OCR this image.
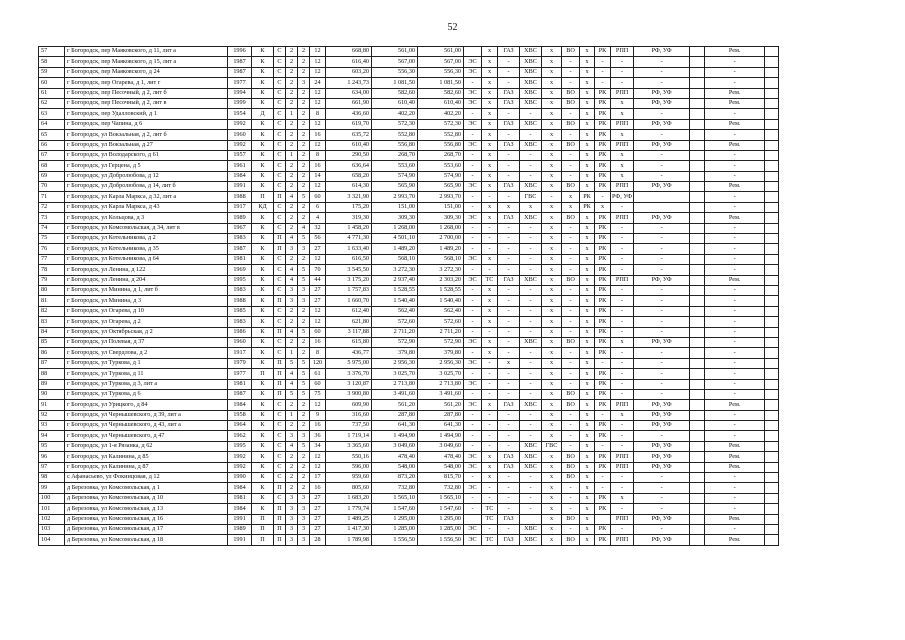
52
57	г Богородск, пер Маяковского, д 11, лит а	1996	К	С	2	2	12	668,80	561,00	561,00		х	ГАЗ	ХВС	х	ВО	х	РК	РПП	РФ, УФ		Рем.	
58	г Богородск, пер Маяковского, д 15, лит а	1987	К	С	2	2	12	616,40	567,00	567,00	ЭС	х	-	ХВС	х	-	х	-	-	-		-	
59	г Богородск, пер Маяковского, д 24	1987	К	С	2	2	12	603,20	556,30	556,30	ЭС	х	-	ХВС	х	-	х	-	-	-		-	
60	г Богородск, пер Огарева, д 1, лит г	1977	К	С	2	3	24	1 243,73	1 081,50	1 081,50	-	х	-	ХВС	х	-	х	-	-	-		-	
61	г Богородск, пер Песочный, д 2, лит б	1994	К	С	2	2	12	634,00	582,60	582,60	ЭС	х	ГАЗ	ХВС	х	ВО	х	РК	РПП	РФ, УФ		Рем.	
62	г Богородск, пер Песочный, д 2, лит в	1999	К	С	2	2	12	661,90	610,40	610,40	ЭС	х	ГАЗ	ХВС	х	ВО	х	РК	х	РФ, УФ		Рем.	
63	г Богородск, пер Удалловский, д 1	1954	Д	С	1	2	8	436,60	402,20	402,20	-	х	-	-	х	-	х	РК	х	-		-	
64	г Богородск, пер Чапина, д 6	1992	К	С	2	2	12	619,70	572,30	572,30	ЭС	х	ГАЗ	ХВС	х	ВО	х	РК	РПП	РФ, УФ		Рем.	
65	г Богородск, ул Вокзальная, д 2, лит б	1960	К	С	2	2	16	635,72	552,80	552,80	-	х	-	-	х	-	х	РК	х	-		-	
66	г Богородск, ул Вокзальная, д 27	1992	К	С	2	2	12	610,40	556,80	556,80	ЭС	х	ГАЗ	ХВС	х	ВО	х	РК	РПП	РФ, УФ		Рем.	
67	г Богородск, ул Володарского, д 61	1957	К	С	1	2	8	290,50	268,70	268,70	-	х	-	-	х	-	х	РК	х	-		-	
68	г Богородск, ул Герцена, д 5	1961	К	С	2	2	16	636,64	553,60	553,60	-	х	-	-	х	-	х	РК	х	-		-	
69	г Богородск, ул Добролюбова, д 12	1984	К	С	2	2	14	658,20	574,90	574,90	-	х	-	-	х	-	х	РК	х	-		-	
70	г Богородск, ул Добролюбова, д 14, лит б	1991	К	С	2	2	12	614,30	565,90	565,90	ЭС	х	ГАЗ	ХВС	х	ВО	х	РК	РПП	РФ, УФ		Рем.	
71	г Богородск, ул Карла Маркса, д 32, лит а	1988	П	П	4	5	60	3 321,90	2 993,70	2 993,70	-	-	-	ГВС	-	х	РК	-	РФ, УФ			-	
72	г Богородск, ул Карла Маркса, д 43	1917	КД	С	2	2	6	175,20	151,00	151,00	-	х	х	х	х	х	РК	х	-			-	
73	г Богородск, ул Кольцова, д 3	1989	К	С	2	2	4	319,30	309,30	309,30	ЭС	х	ГАЗ	ХВС	х	ВО	х	РК	РПП	РФ, УФ		Рем.	
74	г Богородск, ул Комсомольская, д 34, лит в	1967	К	С	2	4	32	1 458,20	1 268,00	1 268,00	-	-	-	-	х	-	х	РК	-	-		-	
75	г Богородск, ул Котельникова, д 2	1983	К	П	4	5	56	4 771,30	4 501,10	2 700,00	-	-	-	-	х	-	х	РК	-	-		-	
76	г Богородск, ул Котельникова, д 35	1987	К	П	3	3	27	1 633,40	1 489,20	1 489,20	-	-	-	-	х	-	х	РК	-	-		-	
77	г Богородск, ул Котельникова, д 64	1981	К	С	2	2	12	616,50	568,10	568,10	ЭС	х	-	-	х	-	х	РК	-	-		-	
78	г Богородск, ул Ленина, д 122	1969	К	С	4	5	70	3 545,50	3 272,30	3 272,30	-	-	-	-	х	-	х	РК	-	-		-	
79	г Богородск, ул Ленина, д 204	1995	К	С	4	5	44	3 175,20	2 937,40	2 303,20	ЭС	ТС	ГАЗ	ХВС	х	ВО	х	РК	РПП	РФ, УФ		Рем.	
80	г Богородск, ул Минина, д 1, лит б	1983	К	С	3	3	27	1 757,83	1 528,55	1 528,55	-	х	-	-	х	-	х	РК	-	-		-	
81	г Богородск, ул Минина, д 3	1988	К	П	3	3	27	1 660,70	1 540,40	1 540,40	-	х	-	-	х	-	х	РК	-	-		-	
82	г Богородск, ул Огарева, д 10	1985	К	С	2	2	12	612,40	562,40	562,40	-	х	-	-	х	-	х	РК	-	-		-	
83	г Богородск, ул Огарева, д 2	1983	К	С	2	2	12	621,80	572,60	572,60	-	х	-	-	х	-	х	РК	-	-		-	
84	г Богородск, ул Октябрьская, д 2	1986	К	П	4	5	60	3 117,88	2 711,20	2 711,20	-	-	-	-	х	-	х	РК	-	-		-	
85	г Богородск, ул Полевая, д 37	1960	К	С	2	2	16	615,80	572,90	572,90	ЭС	х	-	ХВС	х	ВО	х	РК	х	РФ, УФ		-	
86	г Богородск, ул Свердлова, д 2	1917	К	С	1	2	8	436,77	379,80	379,80	-	х	-	-	х	-	х	РК	-	-		-	
87	г Богородск, ул Туркова, д 1	1979	К	П	5	5	120	5 975,00	2 956,30	2 956,30	ЭС	-	х	-	х	-	х	-	-	-		-	
88	г Богородск, ул Туркова, д 11	1977	П	П	4	5	61	3 376,70	3 025,70	3 025,70	-	-	-	-	х	-	х	РК	-	-		-	
89	г Богородск, ул Туркова, д 3, лит а	1981	К	П	4	5	60	3 120,87	2 713,80	2 713,80	ЭС	-	-	-	х	-	х	РК	-	-		-	
90	г Богородск, ул Туркова, д 6	1987	К	П	5	5	75	3 900,80	3 491,60	3 491,60	-	-	-	-	х	ВО	х	РК	-	-		-	
91	г Богородск, ул Урицкого, д 84	1984	К	С	2	2	12	609,90	561,20	561,20	ЭС	х	ГАЗ	ХВС	х	ВО	х	РК	РПП	РФ, УФ		Рем.	
92	г Богородск, ул Чернышевского, д 39, лит а	1958	К	С	1	2	9	316,60	287,80	287,80	-	-	-	-	х	-	х	-	х	РФ, УФ		-	
93	г Богородск, ул Чернышевского, д 43, лит а	1964	К	С	2	2	16	737,50	641,30	641,30	-	-	-	-	х	-	х	РК	-	РФ, УФ		-	
94	г Богородск, ул Чернышевского, д 47	1962	К	С	3	3	36	1 719,14	1 494,90	1 494,90	-	-	-	-	х	-	х	РК	-	-		-	
95	г Богородск, ул 1-я Рязанка, д 62	1995	К	С	4	5	34	3 365,60	3 049,60	3 049,60	-	-	-	ХВС	ГВС	-	х	-	-	РФ, УФ		Рем.	
96	г Богородск, ул Калинина, д 85	1992	К	С	2	2	12	550,16	478,40	478,40	ЭС	х	ГАЗ	ХВС	х	ВО	х	РК	РПП	РФ, УФ		Рем.	
97	г Богородск, ул Калинина, д 87	1992	К	С	2	2	12	596,00	548,00	548,00	ЭС	х	ГАЗ	ХВС	х	ВО	х	РК	РПП	РФ, УФ		Рем.	
98	с Афанасьево, ул Фокинцовая, д 12	1990	К	С	2	2	17	959,60	873,20	815,70	-	х	-	-	х	ВО	х	-	-	-		-	
99	д Березовка, ул Комсомольская, д 1	1984	К	П	2	2	16	805,60	732,80	732,80	ЭС	-	-	-	х	-	х	-	-	-		-	
100	д Березовка, ул Комсомольская, д 10	1981	К	С	3	3	27	1 683,20	1 565,10	1 565,10	-	-	-	-	х	-	х	РК	х	-		-	
101	д Березовка, ул Комсомольская, д 13	1984	К	П	3	3	27	1 779,74	1 547,60	1 547,60	-	ТС	-	-	х	-	х	РК	-	-		-	
102	д Березовка, ул Комсомольская, д 16	1991	П	П	3	3	27	1 489,25	1 295,00	1 295,00		ТС	ГАЗ		х	ВО	х		РПП	РФ, УФ		Рем.	
103	д Березовка, ул Комсомольская, д 17	1989	П	П	3	3	27	1 417,30	1 285,00	1 285,00	ЭС	-	-	ХВС	х	-	х	РК	-	-		-	
104	д Березовка, ул Комсомольская, д 18	1991	П	П	3	3	28	1 789,98	1 556,50	1 556,50	ЭС	ТС	ГАЗ	ХВС	х	ВО	х	РК	РПП	РФ, УФ		Рем.	
